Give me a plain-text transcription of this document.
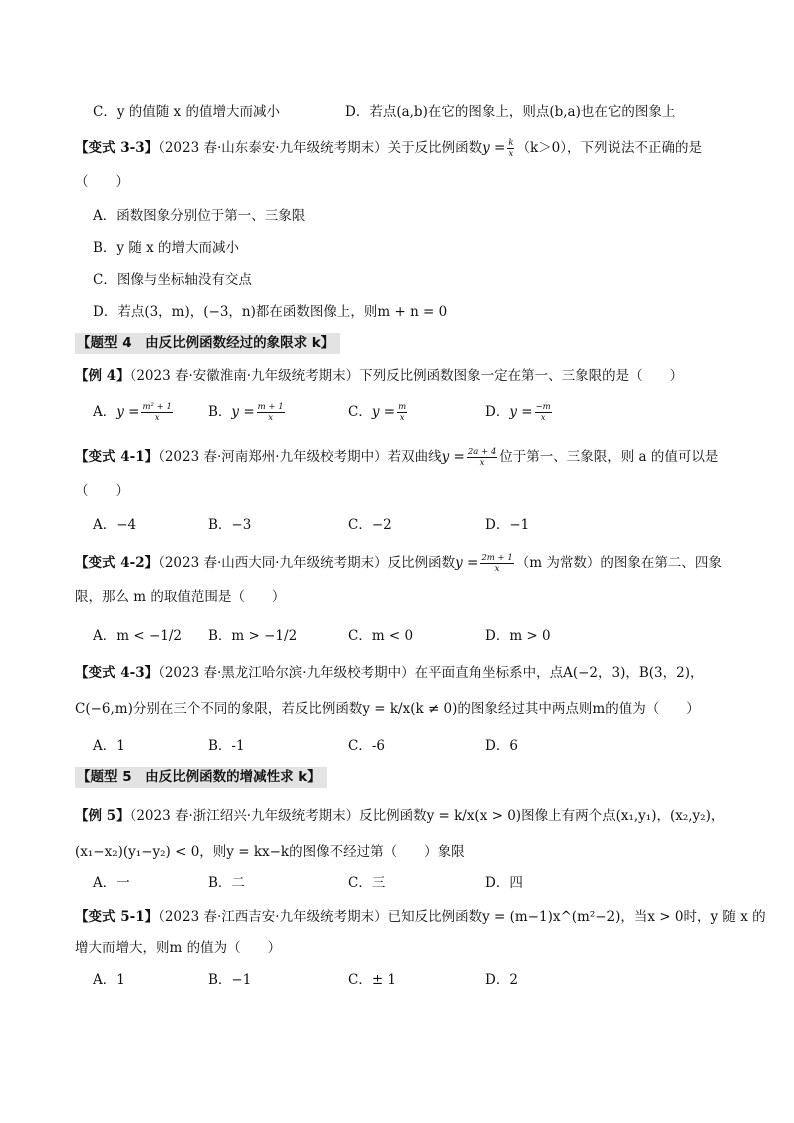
C．y 的值随 x 的值增大而减小	D．若点(a,b)在它的图象上，则点(b,a)也在它的图象上
【变式 3-3】（2023 春·山东泰安·九年级统考期末）关于反比例函数$y = \frac{k}{x} (k>0)$，下列说法不正确的是
（　　）
A．函数图象分别位于第一、三象限
B．y 随 x 的增大而减小
C．图像与坐标轴没有交点
D．若点(3，m)，(−3，n)都在函数图像上，则m + n = 0
【题型 4　由反比例函数经过的象限求 k】
【例 4】（2023 春·安徽淮南·九年级统考期末）下列反比例函数图象一定在第一、三象限的是（　　）
A．$y = \frac{\text{m² + 1}}{x}$	B．$y = \frac{m + 1}{x}$	C．$y = \frac{m}{x}$	D．$y = \frac{-m}{x}$
【变式 4-1】（2023 春·河南郑州·九年级校考期中）若双曲线$y = \frac{2a + 4}{x}$ 位于第一、三象限，则 a 的值可以是
（　　）
A．−4	B．−3	C．−2	D．−1
【变式 4-2】（2023 春·山西大同·九年级统考期末）反比例函数$y = \frac{2m + 1}{x} (m$ 为常数）的图象在第二、四象
限，那么 m 的取值范围是（　　）
A．m < −1/2 B．m > −1/2	C．m < 0	D．m > 0
【变式 4-3】（2023 春·黑龙江哈尔滨·九年级校考期中）在平面直角坐标系中，点A(−2，3)，B(3，2)，
C(−6,m)分别在三个不同的象限，若反比例函数y = k/x(k ≠ 0)的图象经过其中两点则m的值为（　　）
A．1	B．-1	C．-6	D．6
【题型 5　由反比例函数的增减性求 k】
【例 5】（2023 春·浙江绍兴·九年级统考期末）反比例函数y = k/x(x > 0)图像上有两个点(x₁,y₁)，(x₂,y₂)，
(x₁−x₂)(y₁−y₂) < 0，则y = kx−k的图像不经过第（　　）象限
A．一	B．二	C．三	D．四
【变式 5-1】（2023 春·江西吉安·九年级统考期末）已知反比例函数y = (m−1)x^(m²−2)，当x > 0时，y 随 x 的
增大而增大，则m 的值为（　　）
A．1	B．−1	C．± 1	D．2
